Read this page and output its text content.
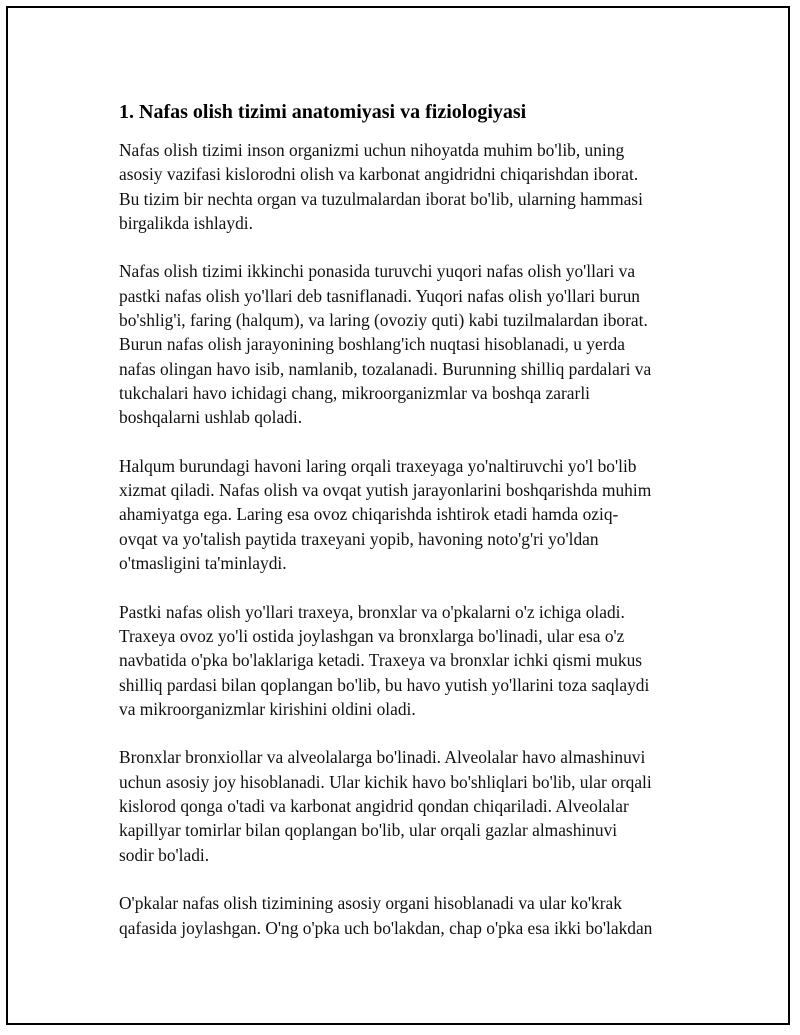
1. Nafas olish tizimi anatomiyasi va fiziologiyasi

Nafas olish tizimi inson organizmi uchun nihoyatda muhim bo'lib, uning
asosiy vazifasi kislorodni olish va karbonat angidridni chiqarishdan iborat.
Bu tizim bir nechta organ va tuzulmalardan iborat bo'lib, ularning hammasi
birgalikda ishlaydi.

Nafas olish tizimi ikkinchi ponasida turuvchi yuqori nafas olish yo'llari va
pastki nafas olish yo'llari deb tasniflanadi. Yuqori nafas olish yo'llari burun
bo'shlig'i, faring (halqum), va laring (ovoziy quti) kabi tuzilmalardan iborat.
Burun nafas olish jarayonining boshlang'ich nuqtasi hisoblanadi, u yerda
nafas olingan havo isib, namlanib, tozalanadi. Burunning shilliq pardalari va
tukchalari havo ichidagi chang, mikroorganizmlar va boshqa zararli
boshqalarni ushlab qoladi.

Halqum burundagi havoni laring orqali traxeyaga yo'naltiruvchi yo'l bo'lib
xizmat qiladi. Nafas olish va ovqat yutish jarayonlarini boshqarishda muhim
ahamiyatga ega. Laring esa ovoz chiqarishda ishtirok etadi hamda oziq-
ovqat va yo'talish paytida traxeyani yopib, havoning noto'g'ri yo'ldan
o'tmasligini ta'minlaydi.

Pastki nafas olish yo'llari traxeya, bronxlar va o'pkalarni o'z ichiga oladi.
Traxeya ovoz yo'li ostida joylashgan va bronxlarga bo'linadi, ular esa o'z
navbatida o'pka bo'laklariga ketadi. Traxeya va bronxlar ichki qismi mukus
shilliq pardasi bilan qoplangan bo'lib, bu havo yutish yo'llarini toza saqlaydi
va mikroorganizmlar kirishini oldini oladi.

Bronxlar bronxiollar va alveolalarga bo'linadi. Alveolalar havo almashinuvi
uchun asosiy joy hisoblanadi. Ular kichik havo bo'shliqlari bo'lib, ular orqali
kislorod qonga o'tadi va karbonat angidrid qondan chiqariladi. Alveolalar
kapillyar tomirlar bilan qoplangan bo'lib, ular orqali gazlar almashinuvi
sodir bo'ladi.

O'pkalar nafas olish tizimining asosiy organi hisoblanadi va ular ko'krak
qafasida joylashgan. O'ng o'pka uch bo'lakdan, chap o'pka esa ikki bo'lakdan
